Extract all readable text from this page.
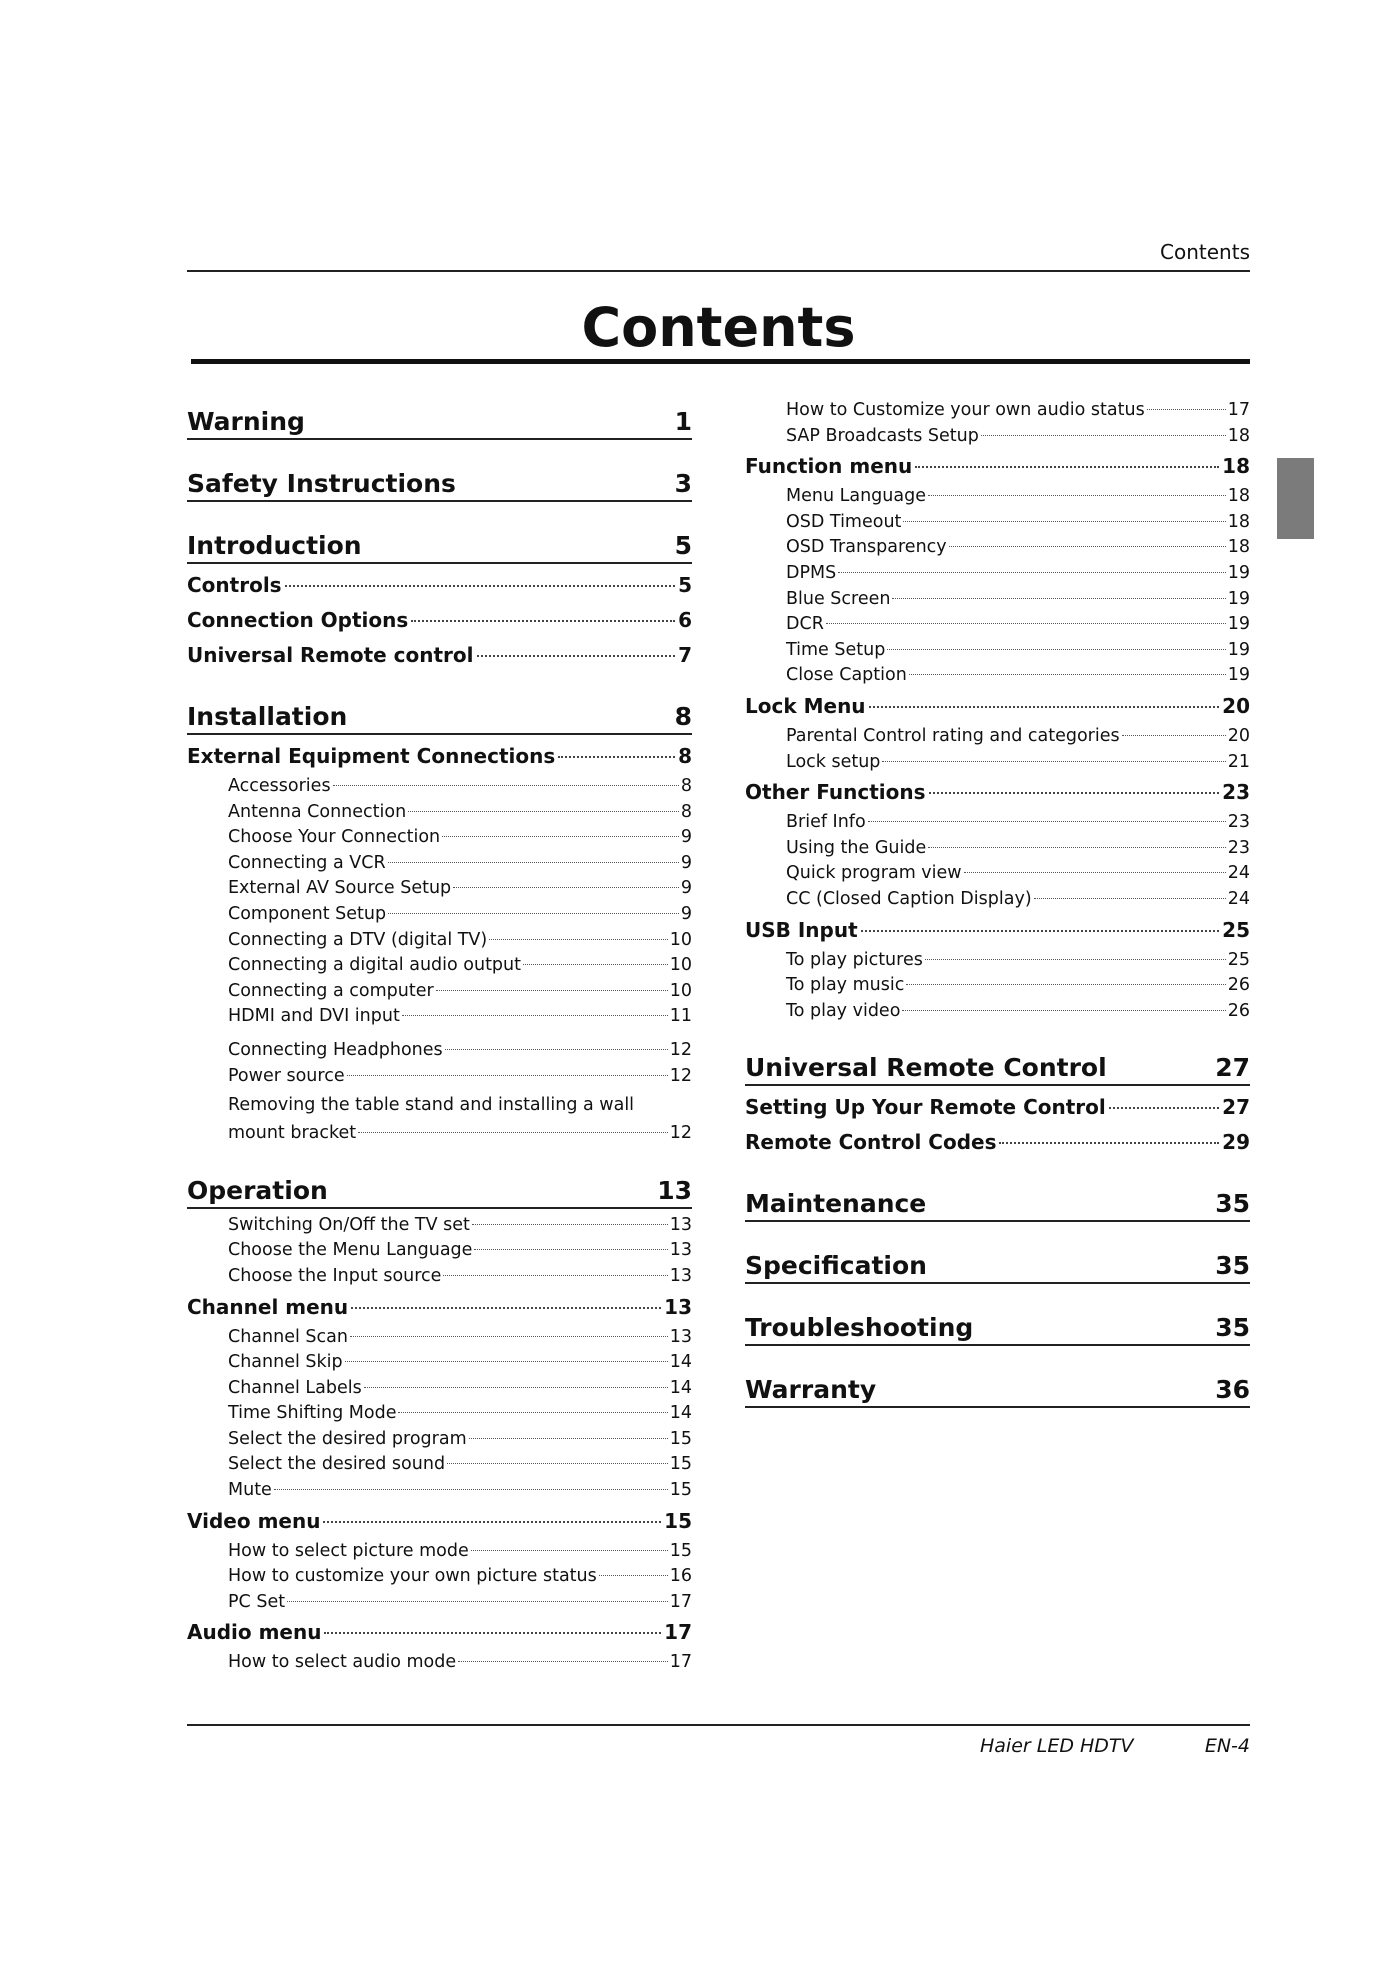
Contents
Contents
Warning	1
Safety Instructions	3
Introduction	5
Controls	5
Connection Options	6
Universal Remote control	7
Installation	8
External Equipment Connections	8
Accessories	8
Antenna Connection	8
Choose Your Connection	9
Connecting a VCR	9
External AV Source Setup	9
Component Setup	9
Connecting a DTV (digital TV)	10
Connecting a digital audio output	10
Connecting a computer	10
HDMI and DVI input	11
Connecting Headphones	12
Power source	12
Removing the table stand and installing a wall
mount bracket	12
Operation	13
Switching On/Off the TV set	13
Choose the Menu Language	13
Choose the Input source	13
Channel menu	13
Channel Scan	13
Channel Skip	14
Channel Labels	14
Time Shifting Mode	14
Select the desired program	15
Select the desired sound	15
Mute	15
Video menu	15
How to select picture mode	15
How to customize your own picture status	16
PC Set	17
Audio menu	17
How to select audio mode	17
How to Customize your own audio status	17
SAP Broadcasts Setup	18
Function menu	18
Menu Language	18
OSD Timeout	18
OSD Transparency	18
DPMS	19
Blue Screen	19
DCR	19
Time Setup	19
Close Caption	19
Lock Menu	20
Parental Control rating and categories	20
Lock setup	21
Other Functions	23
Brief Info	23
Using the Guide	23
Quick program view	24
CC (Closed Caption Display)	24
USB Input	25
To play pictures	25
To play music	26
To play video	26
Universal Remote Control	27
Setting Up Your Remote Control	27
Remote Control Codes	29
Maintenance	35
Specification	35
Troubleshooting	35
Warranty	36
Haier LED HDTV	EN-4
